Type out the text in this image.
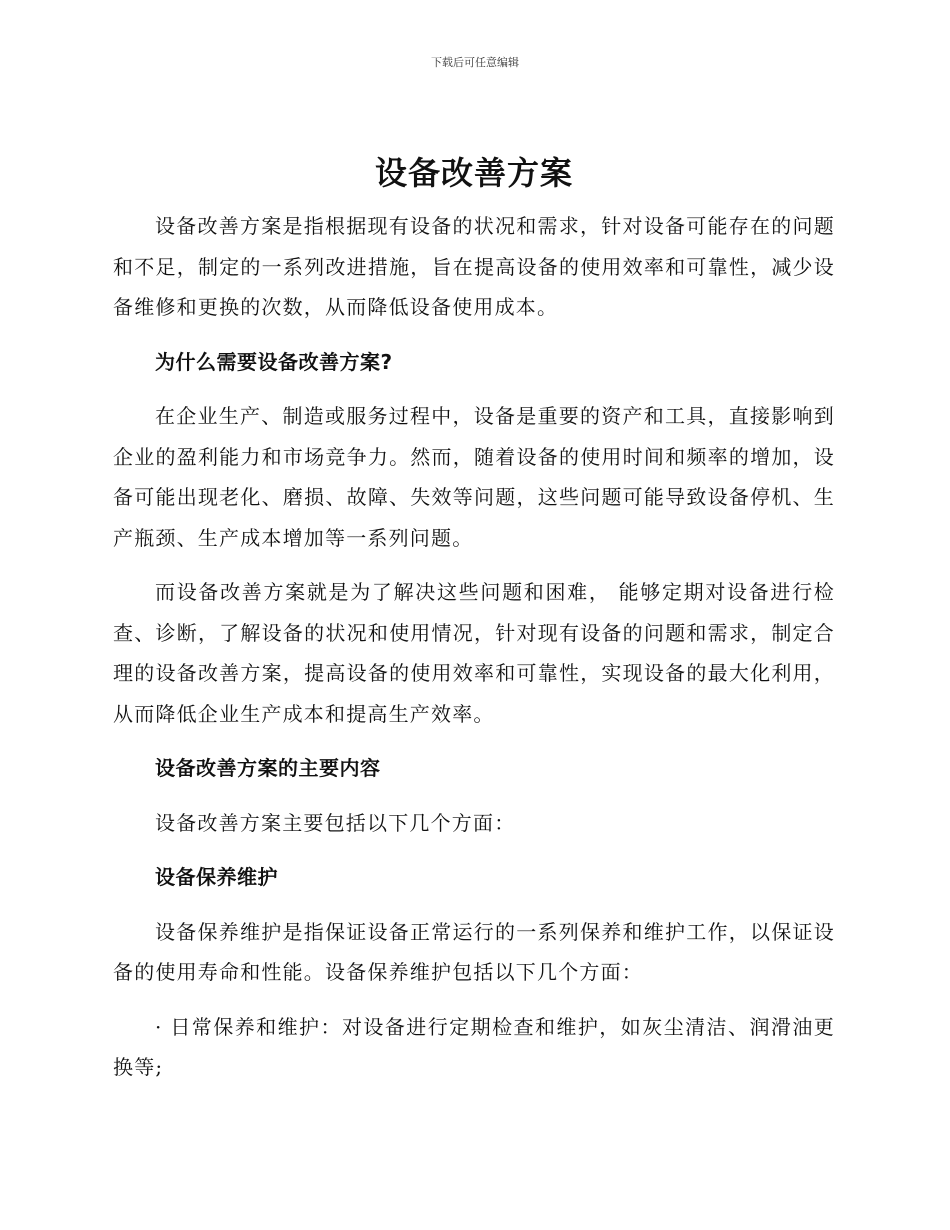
下载后可任意编辑
设备改善方案

设备改善方案是指根据现有设备的状况和需求，针对设备可能存在的问题和不足，制定的一系列改进措施，旨在提高设备的使用效率和可靠性，减少设备维修和更换的次数，从而降低设备使用成本。

为什么需要设备改善方案?

在企业生产、制造或服务过程中，设备是重要的资产和工具，直接影响到企业的盈利能力和市场竞争力。然而，随着设备的使用时间和频率的增加，设备可能出现老化、磨损、故障、失效等问题，这些问题可能导致设备停机、生产瓶颈、生产成本增加等一系列问题。

而设备改善方案就是为了解决这些问题和困难， 能够定期对设备进行检查、诊断，了解设备的状况和使用情况，针对现有设备的问题和需求，制定合理的设备改善方案，提高设备的使用效率和可靠性，实现设备的最大化利用，从而降低企业生产成本和提高生产效率。

设备改善方案的主要内容

设备改善方案主要包括以下几个方面：

设备保养维护

设备保养维护是指保证设备正常运行的一系列保养和维护工作，以保证设备的使用寿命和性能。设备保养维护包括以下几个方面：

· 日常保养和维护：对设备进行定期检查和维护，如灰尘清洁、润滑油更换等;
